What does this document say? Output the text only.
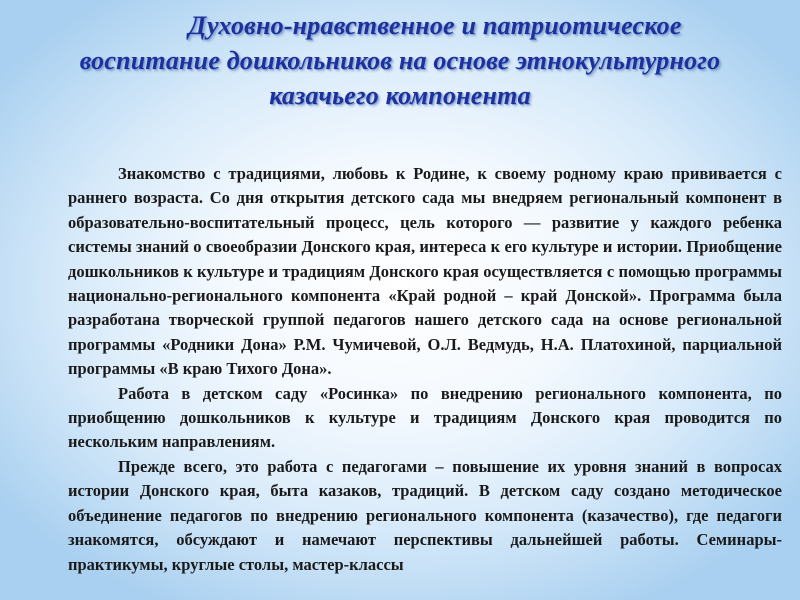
Духовно-нравственное и патриотическое
воспитание дошкольников на основе этнокультурного
казачьего компонента

Знакомство с традициями, любовь к Родине, к своему родному краю прививается с раннего возраста. Со дня открытия детского сада мы внедряем региональный компонент в образовательно-воспитательный процесс, цель которого — развитие у каждого ребенка системы знаний о своеобразии Донского края, интереса к его культуре и истории. Приобщение дошкольников к культуре и традициям Донского края осуществляется с помощью программы национально-регионального компонента «Край родной – край Донской». Программа была разработана творческой группой педагогов нашего детского сада на основе региональной программы «Родники Дона» Р.М. Чумичевой, О.Л. Ведмудь, Н.А. Платохиной, парциальной программы «В краю Тихого Дона».

Работа в детском саду «Росинка» по внедрению регионального компонента, по приобщению дошкольников к культуре и традициям Донского края проводится по нескольким направлениям.

Прежде всего, это работа с педагогами – повышение их уровня знаний в вопросах истории Донского края, быта казаков, традиций. В детском саду создано методическое объединение педагогов по внедрению регионального компонента (казачество), где педагоги знакомятся, обсуждают и намечают перспективы дальнейшей работы. Семинары-практикумы, круглые столы, мастер-классы
